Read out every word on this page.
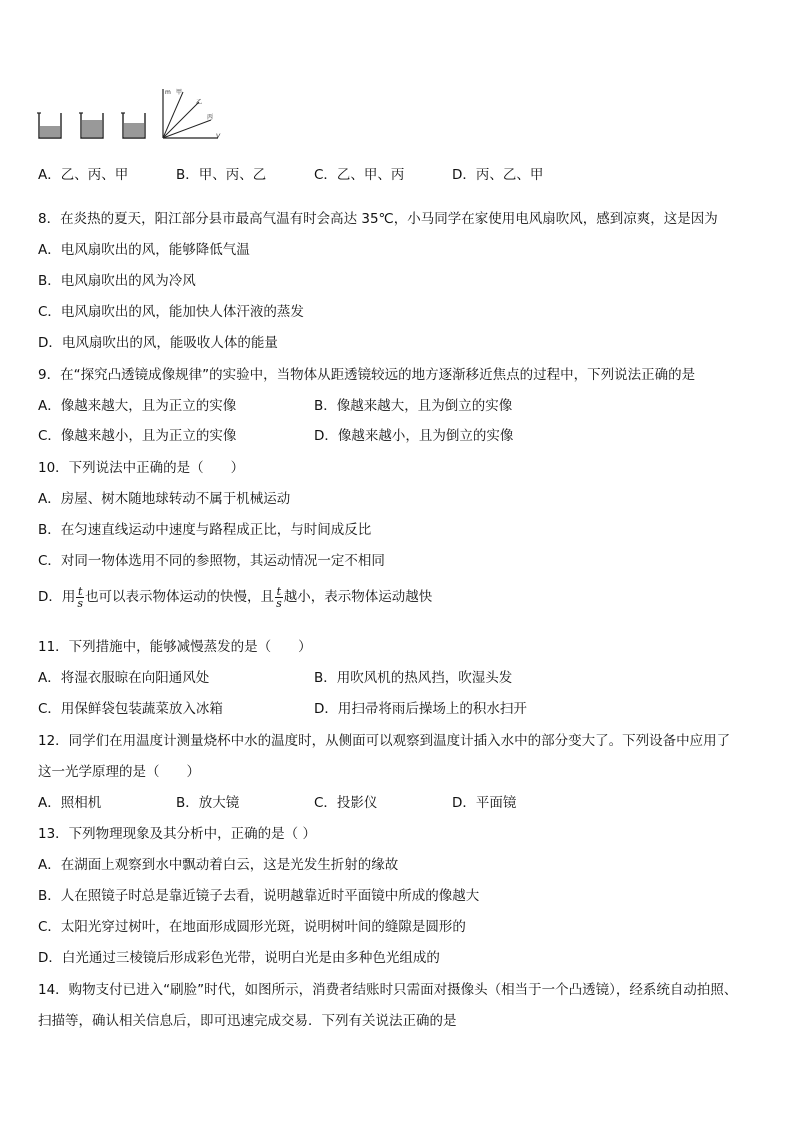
m 甲
乙
丙
V
A．乙、丙、甲	B．甲、丙、乙	C．乙、甲、丙	D．丙、乙、甲
8．在炎热的夏天，阳江部分县市最高气温有时会高达 35℃，小马同学在家使用电风扇吹风，感到凉爽，这是因为
A．电风扇吹出的风，能够降低气温
B．电风扇吹出的风为冷风
C．电风扇吹出的风，能加快人体汗液的蒸发
D．电风扇吹出的风，能吸收人体的能量
9．在“探究凸透镜成像规律”的实验中，当物体从距透镜较远的地方逐渐移近焦点的过程中，下列说法正确的是
A．像越来越大，且为正立的实像	B．像越来越大，且为倒立的实像
C．像越来越小，且为正立的实像	D．像越来越小，且为倒立的实像
10．下列说法中正确的是（　　）
A．房屋、树木随地球转动不属于机械运动
B．在匀速直线运动中速度与路程成正比，与时间成反比
C．对同一物体选用不同的参照物，其运动情况一定不相同
D．用 $\frac{t}{s}$ 也可以表示物体运动的快慢，且 $\frac{t}{s}$ 越小，表示物体运动越快
11．下列措施中，能够减慢蒸发的是（　　）
A．将湿衣服晾在向阳通风处	B．用吹风机的热风挡，吹湿头发
C．用保鲜袋包装蔬菜放入冰箱	D．用扫帚将雨后操场上的积水扫开
12．同学们在用温度计测量烧杯中水的温度时，从侧面可以观察到温度计插入水中的部分变大了。下列设备中应用了
这一光学原理的是（　　）
A．照相机	B．放大镜	C．投影仪	D．平面镜
13．下列物理现象及其分析中，正确的是（ ）
A．在湖面上观察到水中飘动着白云，这是光发生折射的缘故
B．人在照镜子时总是靠近镜子去看，说明越靠近时平面镜中所成的像越大
C．太阳光穿过树叶，在地面形成圆形光斑，说明树叶间的缝隙是圆形的
D．白光通过三棱镜后形成彩色光带，说明白光是由多种色光组成的
14．购物支付已进入“刷脸”时代，如图所示，消费者结账时只需面对摄像头（相当于一个凸透镜），经系统自动拍照、
扫描等，确认相关信息后，即可迅速完成交易．下列有关说法正确的是
